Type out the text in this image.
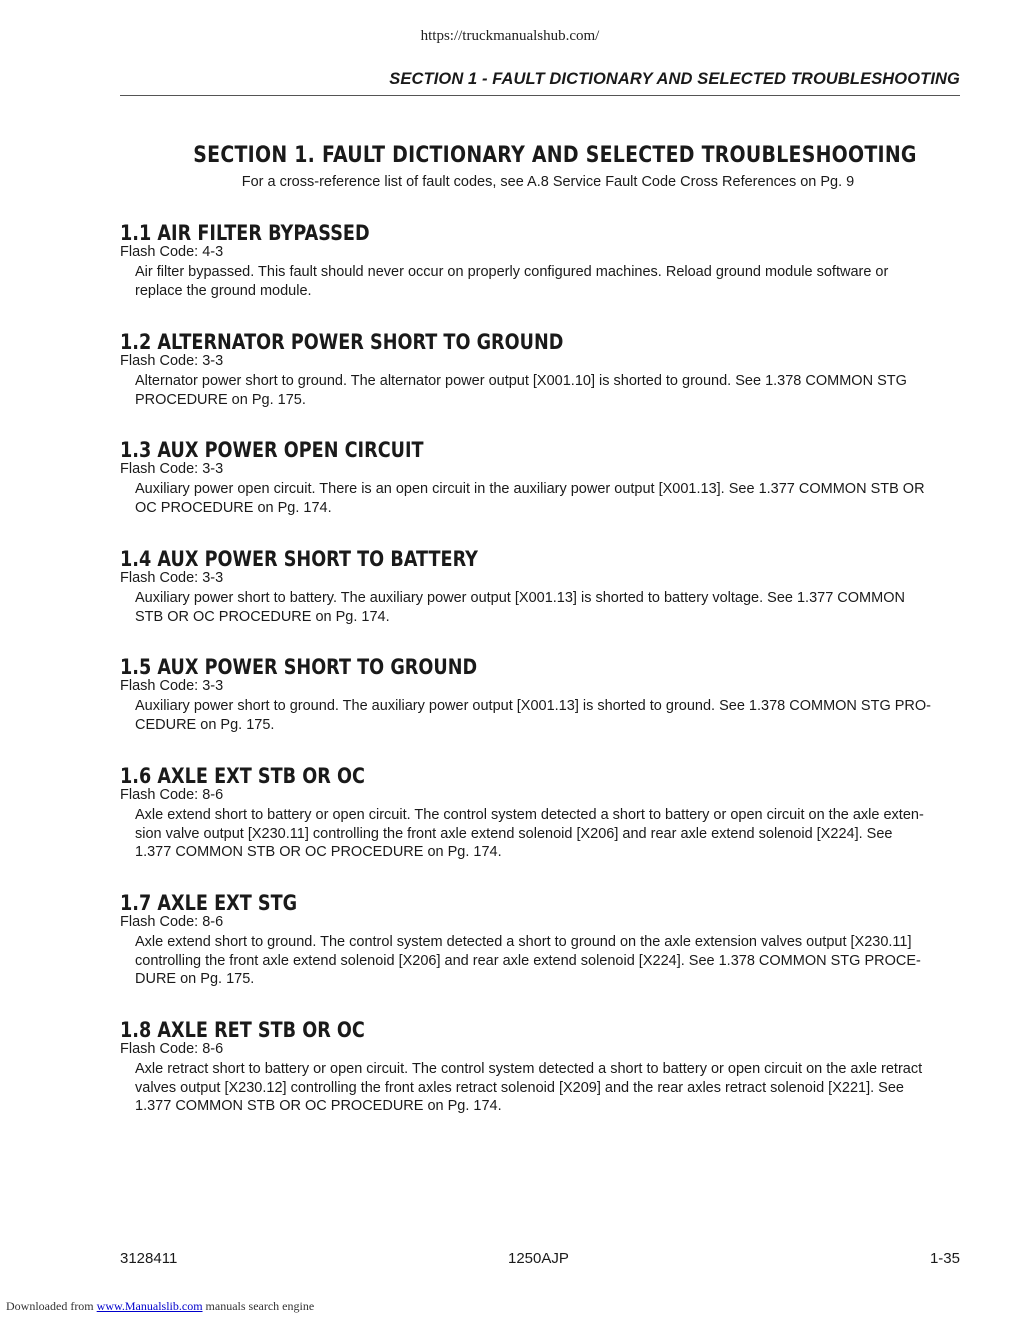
https://truckmanualshub.com/
SECTION 1 - FAULT DICTIONARY AND SELECTED TROUBLESHOOTING
SECTION 1. FAULT DICTIONARY AND SELECTED TROUBLESHOOTING
For a cross-reference list of fault codes, see A.8 Service Fault Code Cross References on Pg. 9
1.1 AIR FILTER BYPASSED
Flash Code: 4-3
Air filter bypassed. This fault should never occur on properly configured machines. Reload ground module software or
replace the ground module.
1.2 ALTERNATOR POWER SHORT TO GROUND
Flash Code: 3-3
Alternator power short to ground. The alternator power output [X001.10] is shorted to ground. See 1.378 COMMON STG
PROCEDURE on Pg. 175.
1.3 AUX POWER OPEN CIRCUIT
Flash Code: 3-3
Auxiliary power open circuit. There is an open circuit in the auxiliary power output [X001.13]. See 1.377 COMMON STB OR
OC PROCEDURE on Pg. 174.
1.4 AUX POWER SHORT TO BATTERY
Flash Code: 3-3
Auxiliary power short to battery. The auxiliary power output [X001.13] is shorted to battery voltage. See 1.377 COMMON
STB OR OC PROCEDURE on Pg. 174.
1.5 AUX POWER SHORT TO GROUND
Flash Code: 3-3
Auxiliary power short to ground. The auxiliary power output [X001.13] is shorted to ground. See 1.378 COMMON STG PRO-
CEDURE on Pg. 175.
1.6 AXLE EXT STB OR OC
Flash Code: 8-6
Axle extend short to battery or open circuit. The control system detected a short to battery or open circuit on the axle exten-
sion valve output [X230.11] controlling the front axle extend solenoid [X206] and rear axle extend solenoid [X224]. See
1.377 COMMON STB OR OC PROCEDURE on Pg. 174.
1.7 AXLE EXT STG
Flash Code: 8-6
Axle extend short to ground. The control system detected a short to ground on the axle extension valves output [X230.11]
controlling the front axle extend solenoid [X206] and rear axle extend solenoid [X224]. See 1.378 COMMON STG PROCE-
DURE on Pg. 175.
1.8 AXLE RET STB OR OC
Flash Code: 8-6
Axle retract short to battery or open circuit. The control system detected a short to battery or open circuit on the axle retract
valves output [X230.12] controlling the front axles retract solenoid [X209] and the rear axles retract solenoid [X221]. See
1.377 COMMON STB OR OC PROCEDURE on Pg. 174.
3128411	1250AJP	1-35
Downloaded from www.Manualslib.com manuals search engine
